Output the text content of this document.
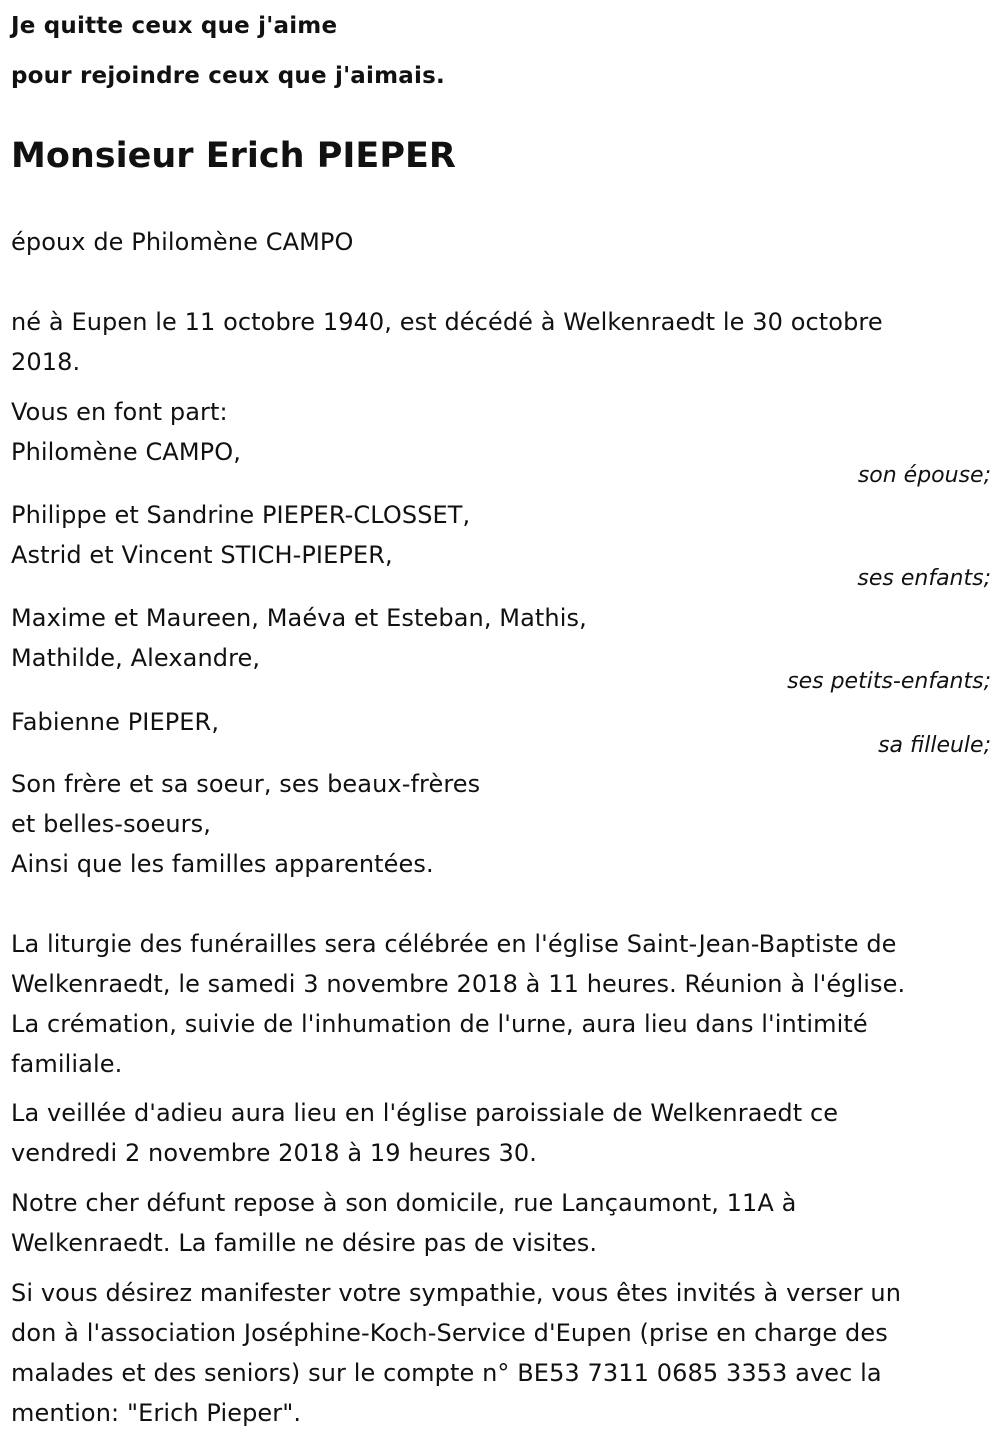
Je quitte ceux que j'aime
pour rejoindre ceux que j'aimais.
Monsieur Erich PIEPER
époux de Philomène CAMPO
né à Eupen le 11 octobre 1940, est décédé à Welkenraedt le 30 octobre
2018.
Vous en font part:
Philomène CAMPO,
son épouse;
Philippe et Sandrine PIEPER-CLOSSET,
Astrid et Vincent STICH-PIEPER,
ses enfants;
Maxime et Maureen, Maéva et Esteban, Mathis,
Mathilde, Alexandre,
ses petits-enfants;
Fabienne PIEPER,
sa filleule;
Son frère et sa soeur, ses beaux-frères
et belles-soeurs,
Ainsi que les familles apparentées.
La liturgie des funérailles sera célébrée en l'église Saint-Jean-Baptiste de
Welkenraedt, le samedi 3 novembre 2018 à 11 heures. Réunion à l'église.
La crémation, suivie de l'inhumation de l'urne, aura lieu dans l'intimité
familiale.
La veillée d'adieu aura lieu en l'église paroissiale de Welkenraedt ce
vendredi 2 novembre 2018 à 19 heures 30.
Notre cher défunt repose à son domicile, rue Lançaumont, 11A à
Welkenraedt. La famille ne désire pas de visites.
Si vous désirez manifester votre sympathie, vous êtes invités à verser un
don à l'association Joséphine-Koch-Service d'Eupen (prise en charge des
malades et des seniors) sur le compte n° BE53 7311 0685 3353 avec la
mention: "Erich Pieper".
